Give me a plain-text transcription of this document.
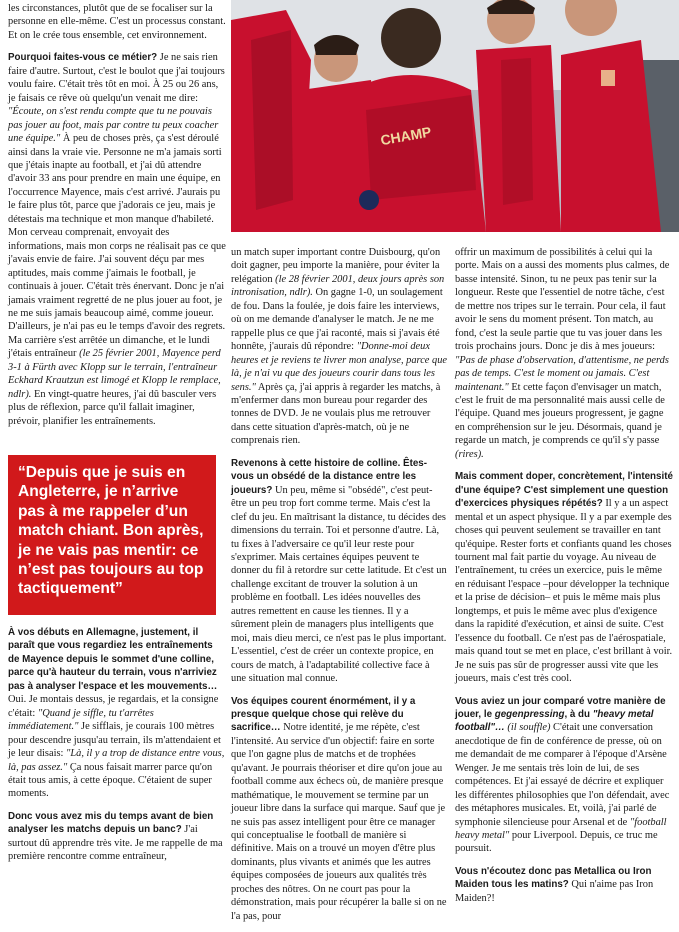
les circonstances, plutôt que de se focaliser sur la personne en elle-même. C'est un processus constant. Et on le crée tous ensemble, cet environnement.

Pourquoi faites-vous ce métier? Je ne sais rien faire d'autre. Surtout, c'est le boulot que j'ai toujours voulu faire. C'était très tôt en moi. À 25 ou 26 ans, je faisais ce rêve où quelqu'un venait me dire: "Écoute, on s'est rendu compte que tu ne pouvais pas jouer au foot, mais par contre tu peux coacher une équipe." À peu de choses près, ça s'est déroulé ainsi dans la vraie vie. Personne ne m'a jamais sorti que j'étais inapte au football, et j'ai dû attendre d'avoir 33 ans pour prendre en main une équipe, en l'occurrence Mayence, mais c'est arrivé. J'aurais pu le faire plus tôt, parce que j'adorais ce jeu, mais je détestais ma technique et mon manque d'habileté. Mon cerveau comprenait, envoyait des informations, mais mon corps ne réalisait pas ce que j'avais envie de faire. J'ai souvent déçu par mes aptitudes, mais comme j'aimais le football, je continuais à jouer. C'était très énervant. Donc je n'ai jamais vraiment regretté de ne plus jouer au foot, je ne me suis jamais beaucoup aimé, comme joueur. D'ailleurs, je n'ai pas eu le temps d'avoir des regrets. Ma carrière s'est arrêtée un dimanche, et le lundi j'étais entraîneur (le 25 février 2001, Mayence perd 3-1 à Fürth avec Klopp sur le terrain, l'entraîneur Eckhard Krautzun est limogé et Klopp le remplace, ndlr). En vingt-quatre heures, j'ai dû basculer vers plus de réflexion, parce qu'il fallait imaginer, prévoir, planifier les entraînements.

“Depuis que je suis en Angleterre, je n’arrive pas à me rappeler d’un match chiant. Bon après, je ne vais pas mentir: ce n’est pas toujours au top tactiquement”

À vos débuts en Allemagne, justement, il paraît que vous regardiez les entraînements de Mayence depuis le sommet d'une colline, parce qu'à hauteur du terrain, vous n'arriviez pas à analyser l'espace et les mouvements… Oui. Je montais dessus, je regardais, et la consigne c'était: "Quand je siffle, tu t'arrêtes immédiatement." Je sifflais, je courais 100 mètres pour descendre jusqu'au terrain, ils m'attendaient et je leur disais: "Là, il y a trop de distance entre vous, là, pas assez." Ça nous faisait marrer parce qu'on était tous amis, à cette époque. C'étaient de super moments.

Donc vous avez mis du temps avant de bien analyser les matchs depuis un banc? J'ai surtout dû apprendre très vite. Je me rappelle de ma première rencontre comme entraîneur,

CHAMP

un match super important contre Duisbourg, qu'on doit gagner, peu importe la manière, pour éviter la relégation (le 28 février 2001, deux jours après son intronisation, ndlr). On gagne 1-0, un soulagement de fou. Dans la foulée, je dois faire les interviews, où on me demande d'analyser le match. Je ne me rappelle plus ce que j'ai raconté, mais si j'avais été honnête, j'aurais dû répondre: "Donne-moi deux heures et je reviens te livrer mon analyse, parce que là, je n'ai vu que des joueurs courir dans tous les sens." Après ça, j'ai appris à regarder les matchs, à m'enfermer dans mon bureau pour regarder des tonnes de DVD. Je ne voulais plus me retrouver dans cette situation d'après-match, où je ne comprenais rien.

Revenons à cette histoire de colline. Êtes-vous un obsédé de la distance entre les joueurs? Un peu, même si "obsédé", c'est peut-être un peu trop fort comme terme. Mais c'est la clef du jeu. En maîtrisant la distance, tu décides des dimensions du terrain. Toi et personne d'autre. Là, tu fixes à l'adversaire ce qu'il leur reste pour s'exprimer. Mais certaines équipes peuvent te donner du fil à retordre sur cette latitude. Et c'est un challenge excitant de trouver la solution à un problème en football. Les idées nouvelles des autres remettent en cause les tiennes. Il y a sûrement plein de managers plus intelligents que moi, mais dieu merci, ce n'est pas le plus important. L'essentiel, c'est de créer un contexte propice, en cours de match, à l'adaptabilité collective face à une situation mal connue.

Vos équipes courent énormément, il y a presque quelque chose qui relève du sacrifice… Notre identité, je me répète, c'est l'intensité. Au service d'un objectif: faire en sorte que l'on gagne plus de matchs et de trophées qu'avant. Je pourrais théoriser et dire qu'on joue au football comme aux échecs où, de manière presque mathématique, le mouvement se termine par un joueur libre dans la surface qui marque. Sauf que je ne suis pas assez intelligent pour être ce manager qui conceptualise le football de manière si définitive. Mais on a trouvé un moyen d'être plus dominants, plus vivants et animés que les autres équipes composées de joueurs aux qualités très proches des nôtres. On ne court pas pour la démonstration, mais pour récupérer la balle si on ne l'a pas, pour

offrir un maximum de possibilités à celui qui la porte. Mais on a aussi des moments plus calmes, de basse intensité. Sinon, tu ne peux pas tenir sur la longueur. Reste que l'essentiel de notre tâche, c'est de mettre nos tripes sur le terrain. Pour cela, il faut avoir le sens du moment présent. Ton match, au fond, c'est la seule partie que tu vas jouer dans les trois prochains jours. Donc je dis à mes joueurs: "Pas de phase d'observation, d'attentisme, ne perds pas de temps. C'est le moment ou jamais. C'est maintenant." Et cette façon d'envisager un match, c'est le fruit de ma personnalité mais aussi celle de l'équipe. Quand mes joueurs progressent, je gagne en compréhension sur le jeu. Désormais, quand je regarde un match, je comprends ce qu'il s'y passe (rires).

Mais comment doper, concrètement, l'intensité d'une équipe? C'est simplement une question d'exercices physiques répétés? Il y a un aspect mental et un aspect physique. Il y a par exemple des choses qui peuvent seulement se travailler en tant qu'équipe. Rester forts et confiants quand les choses tournent mal fait partie du voyage. Au niveau de l'entraînement, tu crées un exercice, puis le même en réduisant l'espace –pour développer la technique et la prise de décision– et puis le même mais plus longtemps, et puis le même avec plus d'exigence dans la rapidité d'exécution, et ainsi de suite. C'est l'essence du football. Ce n'est pas de l'aérospatiale, mais quand tout se met en place, c'est brillant à voir. Je ne suis pas sûr de progresser aussi vite que les joueurs, mais c'est très cool.

Vous aviez un jour comparé votre manière de jouer, le gegenpressing, à du "heavy metal football"… (il souffle) C'était une conversation anecdotique de fin de conférence de presse, où on me demandait de me comparer à l'époque d'Arsène Wenger. Je me sentais très loin de lui, de ses compétences. Et j'ai essayé de décrire et expliquer les différentes philosophies que l'on défendait, avec des métaphores musicales. Et, voilà, j'ai parlé de symphonie silencieuse pour Arsenal et de "football heavy metal" pour Liverpool. Depuis, ce truc me poursuit.

Vous n'écoutez donc pas Metallica ou Iron Maiden tous les matins? Qui n'aime pas Iron Maiden?!
